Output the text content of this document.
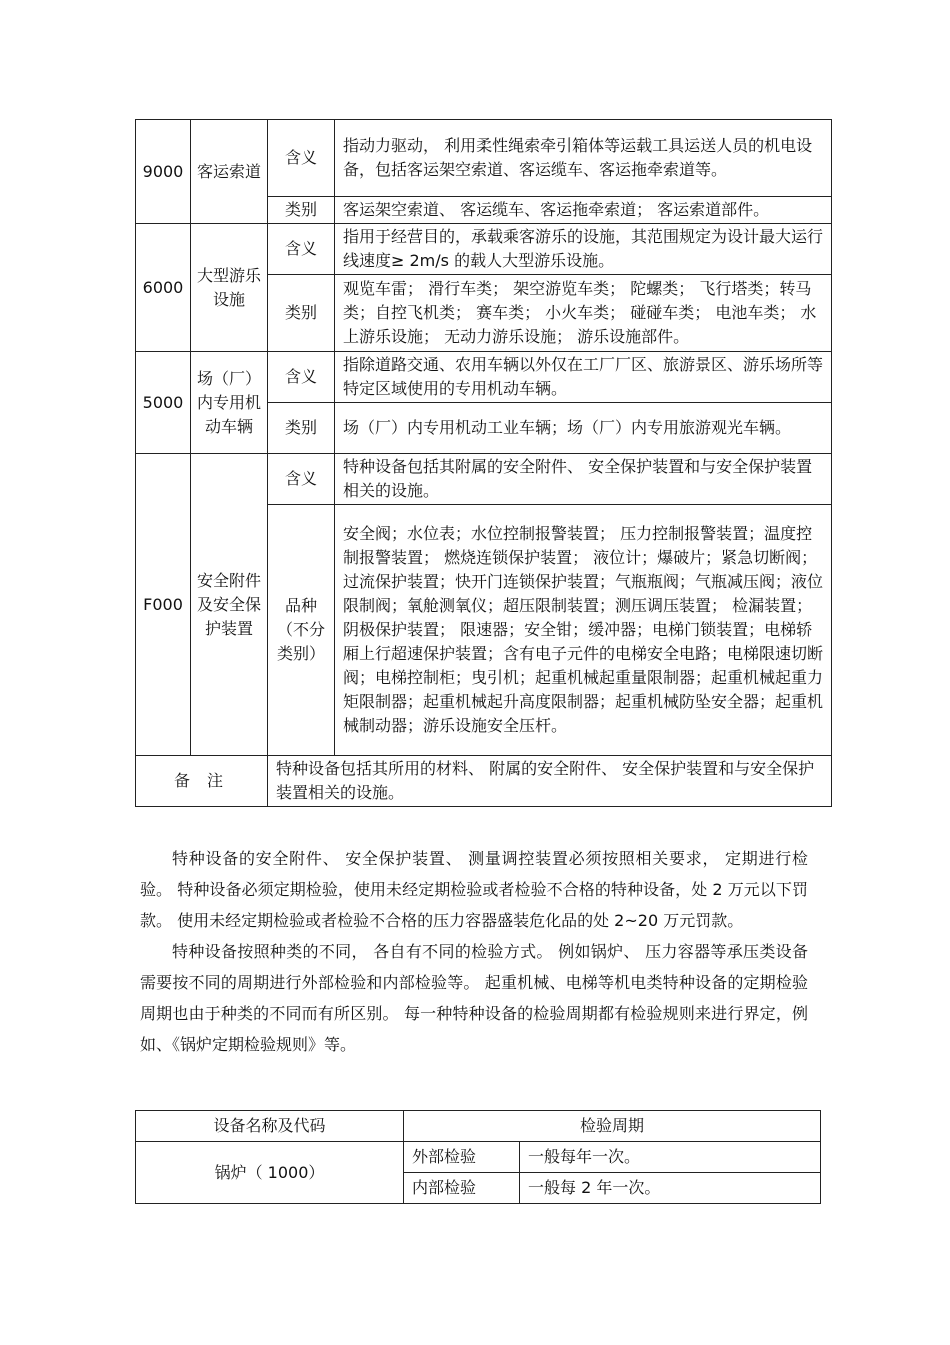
9000	客运索道	含义	指动力驱动， 利用柔性绳索牵引箱体等运载工具运送人员的机电设备，包括客运架空索道、客运缆车、客运拖牵索道等。
		类别	客运架空索道、 客运缆车、客运拖牵索道； 客运索道部件。
6000	大型游乐设施	含义	指用于经营目的，承载乘客游乐的设施，其范围规定为设计最大运行线速度≥ 2m/s 的载人大型游乐设施。
		类别	观览车雷； 滑行车类； 架空游览车类； 陀螺类； 飞行塔类；转马类；自控飞机类； 赛车类； 小火车类； 碰碰车类； 电池车类； 水上游乐设施； 无动力游乐设施； 游乐设施部件。
5000	场（厂）内专用机动车辆	含义	指除道路交通、农用车辆以外仅在工厂厂区、旅游景区、游乐场所等特定区域使用的专用机动车辆。
		类别	场（厂）内专用机动工业车辆；场（厂）内专用旅游观光车辆。
F000	安全附件及安全保护装置	含义	特种设备包括其附属的安全附件、 安全保护装置和与安全保护装置相关的设施。
		品种（不分类别）	安全阀；水位表；水位控制报警装置； 压力控制报警装置；温度控制报警装置； 燃烧连锁保护装置； 液位计；爆破片；紧急切断阀；过流保护装置；快开门连锁保护装置；气瓶瓶阀；气瓶减压阀；液位限制阀；氧舱测氧仪；超压限制装置；测压调压装置； 检漏装置；阴极保护装置； 限速器；安全钳；缓冲器；电梯门锁装置；电梯轿厢上行超速保护装置；含有电子元件的电梯安全电路；电梯限速切断阀；电梯控制柜；曳引机；起重机械起重量限制器；起重机械起重力矩限制器；起重机械起升高度限制器；起重机械防坠安全器；起重机械制动器；游乐设施安全压杆。
备 注		特种设备包括其所用的材料、 附属的安全附件、 安全保护装置和与安全保护装置相关的设施。	

特种设备的安全附件、 安全保护装置、 测量调控装置必须按照相关要求， 定期进行检验。 特种设备必须定期检验，使用未经定期检验或者检验不合格的特种设备，处 2 万元以下罚款。 使用未经定期检验或者检验不合格的压力容器盛装危化品的处 2~20 万元罚款。

特种设备按照种类的不同， 各自有不同的检验方式。 例如锅炉、 压力容器等承压类设备需要按不同的周期进行外部检验和内部检验等。 起重机械、电梯等机电类特种设备的定期检验周期也由于种类的不同而有所区别。 每一种特种设备的检验周期都有检验规则来进行界定，例如、《锅炉定期检验规则》等。

设备名称及代码	检验周期	
锅炉（ 1000）	外部检验	一般每年一次。
	内部检验	一般每 2 年一次。
